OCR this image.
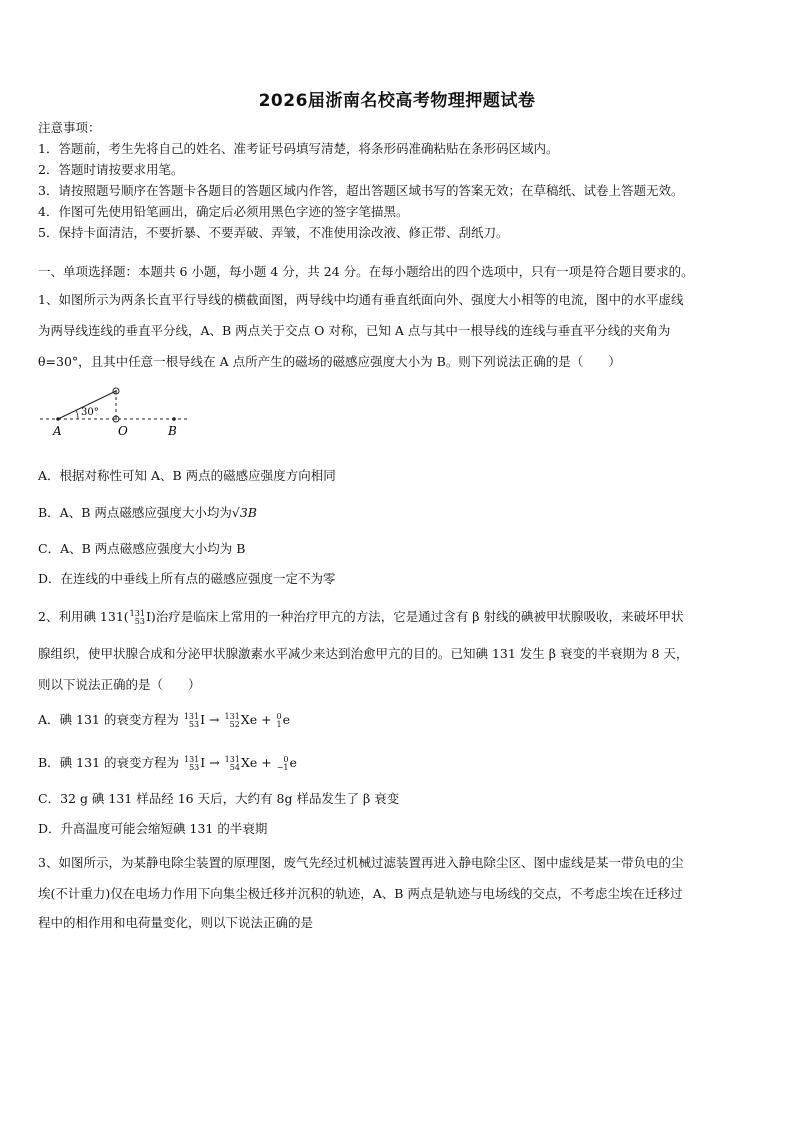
2026届浙南名校高考物理押题试卷
注意事项：
1．答题前，考生先将自己的姓名、准考证号码填写清楚，将条形码准确粘贴在条形码区域内。
2．答题时请按要求用笔。
3．请按照题号顺序在答题卡各题目的答题区域内作答，超出答题区域书写的答案无效；在草稿纸、试卷上答题无效。
4．作图可先使用铅笔画出，确定后必须用黑色字迹的签字笔描黑。
5．保持卡面清洁，不要折暴、不要弄破、弄皱，不准使用涂改液、修正带、刮纸刀。
一、单项选择题：本题共 6 小题，每小题 4 分，共 24 分。在每小题给出的四个选项中，只有一项是符合题目要求的。
1、如图所示为两条长直平行导线的横截面图，两导线中均通有垂直纸面向外、强度大小相等的电流，图中的水平虚线
为两导线连线的垂直平分线，A、B 两点关于交点 O 对称，已知 A 点与其中一根导线的连线与垂直平分线的夹角为
θ=30°，且其中任意一根导线在 A 点所产生的磁场的磁感应强度大小为 B。则下列说法正确的是（　　）
30°
A	O	B
A．根据对称性可知 A、B 两点的磁感应强度方向相同
B．A、B 两点磁感应强度大小均为√3B
C．A、B 两点磁感应强度大小均为 B
D．在连线的中垂线上所有点的磁感应强度一定不为零
2、利用碘 131( 131
53 I)治疗是临床上常用的一种治疗甲亢的方法，它是通过含有 β 射线的碘被甲状腺吸收，来破坏甲状
腺组织，使甲状腺合成和分泌甲状腺激素水平减少来达到治愈甲亢的目的。已知碘 131 发生 β 衰变的半衰期为 8 天，
则以下说法正确的是（　　）
A．碘 131 的衰变方程为 131
53 I → 131
52 Xe + 0
1 e
B．碘 131 的衰变方程为 131
53 I → 131
54 Xe +	0
−1 e
C．32 g 碘 131 样品经 16 天后，大约有 8g 样品发生了 β 衰变
D．升高温度可能会缩短碘 131 的半衰期
3、如图所示，为某静电除尘装置的原理图，废气先经过机械过滤装置再进入静电除尘区、图中虚线是某一带负电的尘
埃(不计重力)仅在电场力作用下向集尘极迁移并沉积的轨迹，A、B 两点是轨迹与电场线的交点，不考虑尘埃在迁移过
程中的相作用和电荷量变化，则以下说法正确的是
